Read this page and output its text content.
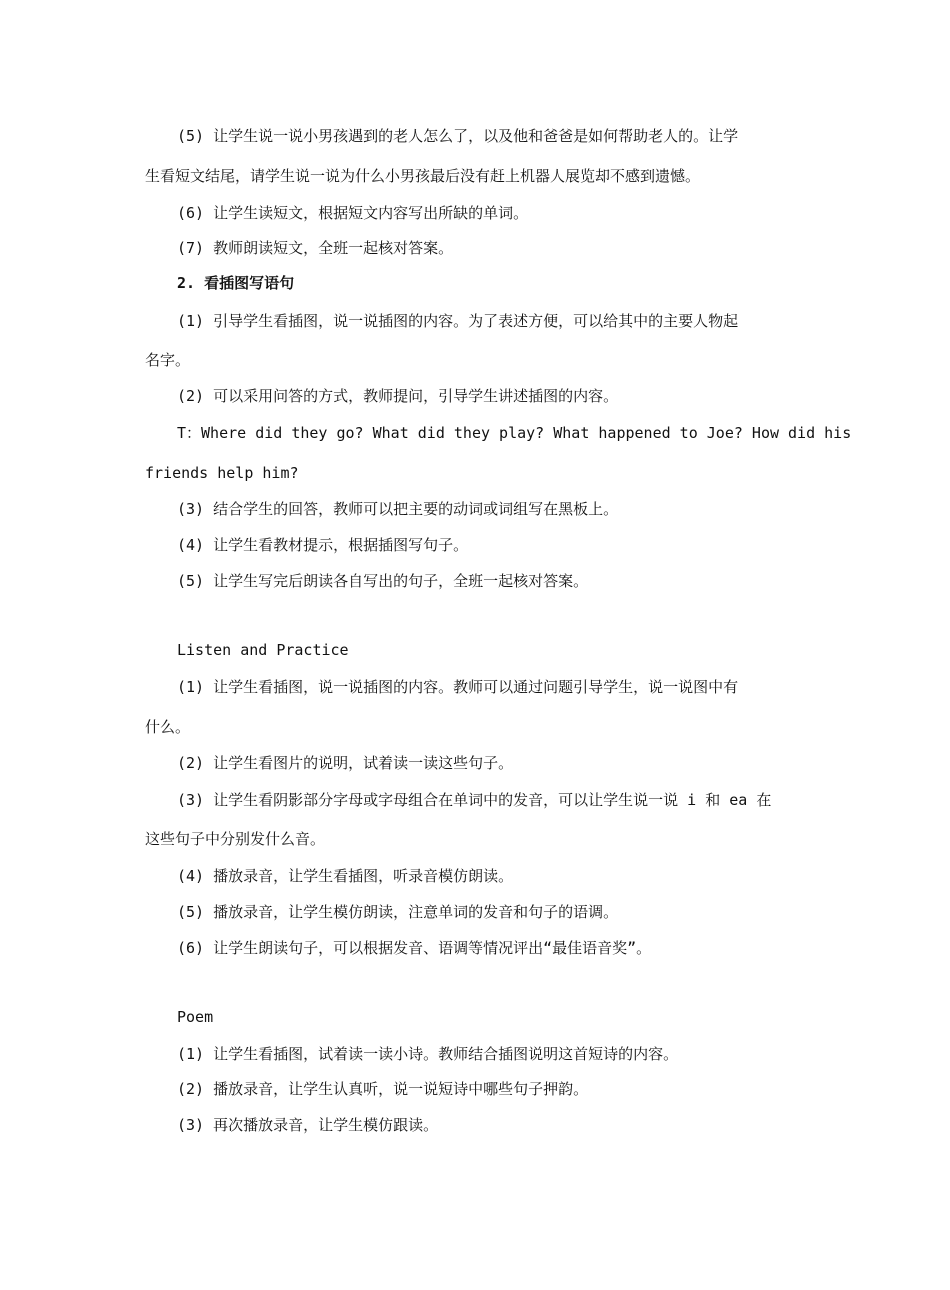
(5) 让学生说一说小男孩遇到的老人怎么了，以及他和爸爸是如何帮助老人的。让学
生看短文结尾，请学生说一说为什么小男孩最后没有赶上机器人展览却不感到遗憾。
(6) 让学生读短文，根据短文内容写出所缺的单词。
(7) 教师朗读短文，全班一起核对答案。
2. 看插图写语句
(1) 引导学生看插图，说一说插图的内容。为了表述方便，可以给其中的主要人物起
名字。
(2) 可以采用问答的方式，教师提问，引导学生讲述插图的内容。
T：Where did they go? What did they play? What happened to Joe? How did his
friends help him?
(3) 结合学生的回答，教师可以把主要的动词或词组写在黑板上。
(4) 让学生看教材提示，根据插图写句子。
(5) 让学生写完后朗读各自写出的句子，全班一起核对答案。
Listen and Practice
(1) 让学生看插图，说一说插图的内容。教师可以通过问题引导学生，说一说图中有
什么。
(2) 让学生看图片的说明，试着读一读这些句子。
(3) 让学生看阴影部分字母或字母组合在单词中的发音，可以让学生说一说 i 和 ea 在
这些句子中分别发什么音。
(4) 播放录音，让学生看插图，听录音模仿朗读。
(5) 播放录音，让学生模仿朗读，注意单词的发音和句子的语调。
(6) 让学生朗读句子，可以根据发音、语调等情况评出“最佳语音奖”。
Poem
(1) 让学生看插图，试着读一读小诗。教师结合插图说明这首短诗的内容。
(2) 播放录音，让学生认真听，说一说短诗中哪些句子押韵。
(3) 再次播放录音，让学生模仿跟读。
